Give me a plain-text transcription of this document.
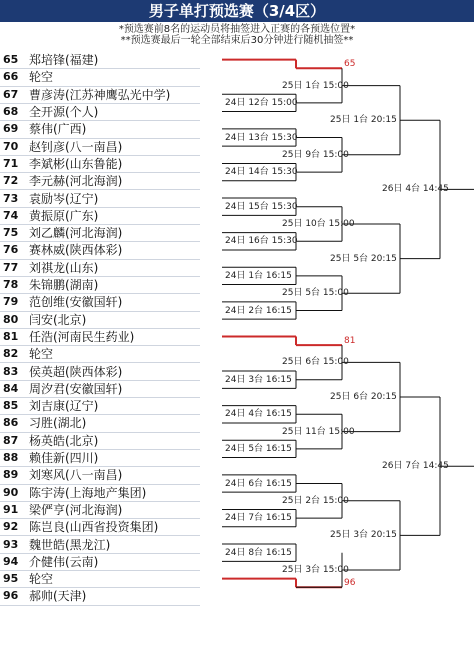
男子单打预选赛（3/4区）
*预选赛前8名的运动员将抽签进入正赛的各预选位置*
**预选赛最后一轮全部结束后30分钟进行随机抽签**
65 郑培锋(福建)
66 轮空
67 曹彦涛(江苏神鹰弘光中学)
68 全开源(个人)
69 蔡伟(广西)
70 赵钊彦(八一南昌)
71 李斌彬(山东鲁能)
72 李元赫(河北海润)
73 袁励岑(辽宁)
74 黄振原(广东)
75 刘乙麟(河北海润)
76 赛林威(陕西体彩)
77 刘祺龙(山东)
78 朱锦鹏(湖南)
79 范创维(安徽国轩)
80 闫安(北京)
81 任浩(河南民生药业)
82 轮空
83 侯英超(陕西体彩)
84 周汐君(安徽国轩)
85 刘吉康(辽宁)
86 习胜(湖北)
87 杨英皓(北京)
88 赖佳新(四川)
89 刘寒风(八一南昌)
90 陈宇涛(上海地产集团)
91 梁俨亨(河北海润)
92 陈岂良(山西省投资集团)
93 魏世皓(黑龙江)
94 介健伟(云南)
95 轮空
96 郝帅(天津)
65
24日 12台 15:00
24日 13台 15:30
24日 14台 15:30
24日 15台 15:30
24日 16台 15:30
24日 1台 16:15
24日 2台 16:15
81
24日 3台 16:15
24日 4台 16:15
24日 5台 16:15
24日 6台 16:15
24日 7台 16:15
24日 8台 16:15
96
25日 1台 15:00
25日 9台 15:00
25日 10台 15:00
25日 5台 15:00
25日 6台 15:00
25日 11台 15:00
25日 2台 15:00
25日 3台 15:00
25日 1台 20:15
25日 5台 20:15
25日 6台 20:15
25日 3台 20:15
26日 4台 14:45
26日 7台 14:45
